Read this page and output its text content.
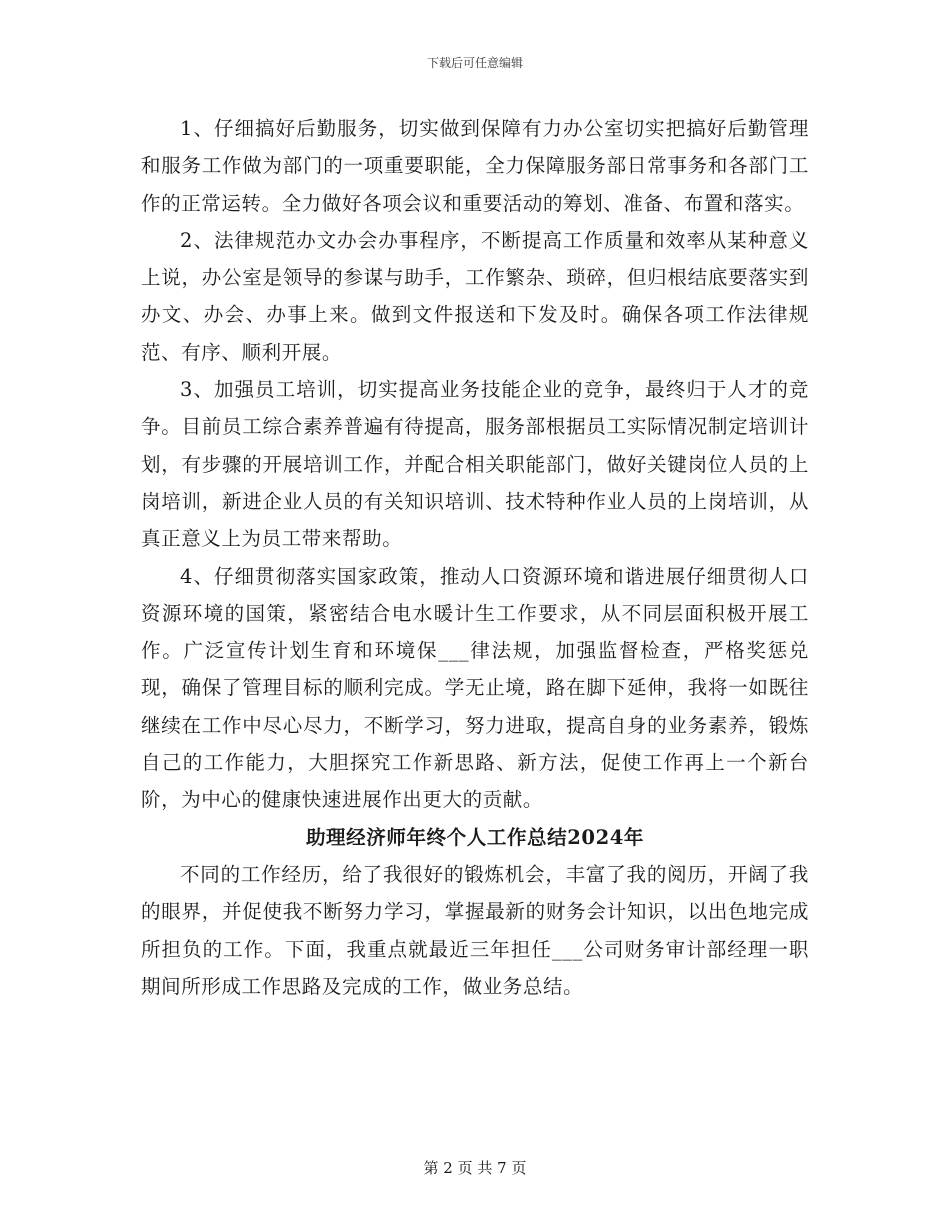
下载后可任意编辑

1、仔细搞好后勤服务，切实做到保障有力办公室切实把搞好后勤管理和服务工作做为部门的一项重要职能，全力保障服务部日常事务和各部门工作的正常运转。全力做好各项会议和重要活动的筹划、准备、布置和落实。

2、法律规范办文办会办事程序，不断提高工作质量和效率从某种意义上说，办公室是领导的参谋与助手，工作繁杂、琐碎，但归根结底要落实到办文、办会、办事上来。做到文件报送和下发及时。确保各项工作法律规范、有序、顺利开展。

3、加强员工培训，切实提高业务技能企业的竞争，最终归于人才的竞争。目前员工综合素养普遍有待提高，服务部根据员工实际情况制定培训计划，有步骤的开展培训工作，并配合相关职能部门，做好关键岗位人员的上岗培训，新进企业人员的有关知识培训、技术特种作业人员的上岗培训，从真正意义上为员工带来帮助。

4、仔细贯彻落实国家政策，推动人口资源环境和谐进展仔细贯彻人口资源环境的国策，紧密结合电水暖计生工作要求，从不同层面积极开展工作。广泛宣传计划生育和环境保___律法规，加强监督检查，严格奖惩兑现，确保了管理目标的顺利完成。学无止境，路在脚下延伸，我将一如既往继续在工作中尽心尽力，不断学习，努力进取，提高自身的业务素养，锻炼自己的工作能力，大胆探究工作新思路、新方法，促使工作再上一个新台阶，为中心的健康快速进展作出更大的贡献。

助理经济师年终个人工作总结2024年

不同的工作经历，给了我很好的锻炼机会，丰富了我的阅历，开阔了我的眼界，并促使我不断努力学习，掌握最新的财务会计知识，以出色地完成所担负的工作。下面，我重点就最近三年担任___公司财务审计部经理一职期间所形成工作思路及完成的工作，做业务总结。

第 2 页 共 7 页
